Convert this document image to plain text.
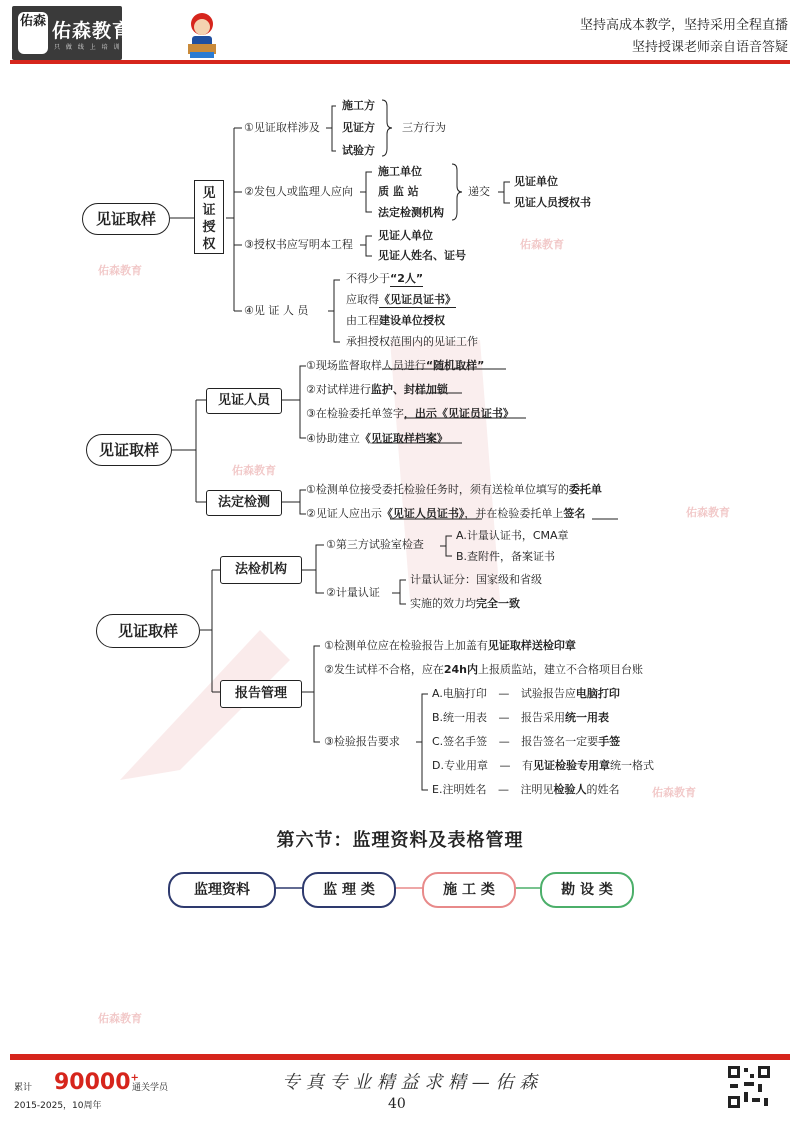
佑森 佑森教育
只 做 线 上 培 训
坚持高成本教学，坚持采用全程直播
坚持授课老师亲自语音答疑
佑森教育
佑森教育
佑森教育
佑森教育
佑森教育
佑森教育
见证取样
见证授权
①见证取样涉及
施工方
见证方
试验方
三方行为
②发包人或监理人应向
施工单位
质 监 站
法定检测机构
递交
见证单位
见证人员授权书
③授权书应写明本工程
见证人单位
见证人姓名、证号
④见 证 人 员
不得少于“2人”
应取得《见证员证书》
由工程建设单位授权
承担授权范围内的见证工作
见证取样
见证人员
①现场监督取样人员进行“随机取样”
②对试样进行监护、封样加锁
③在检验委托单签字，出示《见证员证书》
④协助建立《见证取样档案》
法定检测
①检测单位接受委托检验任务时，须有送检单位填写的委托单
②见证人应出示《见证人员证书》，并在检验委托单上签名
见证取样
法检机构
①第三方试验室检查
A.计量认证书，CMA章
B.查附件，备案证书
②计量认证
计量认证分：国家级和省级
实施的效力均完全一致
报告管理
①检测单位应在检验报告上加盖有见证取样送检印章
②发生试样不合格，应在24h内上报质监站，建立不合格项目台账
③检验报告要求
A.电脑打印 — 试验报告应电脑打印
B.统一用表 — 报告采用统一用表
C.签名手签 — 报告签名一定要手签
D.专业用章 — 有见证检验专用章统一格式
E.注明姓名 — 注明见检验人的姓名
第六节：监理资料及表格管理
监理资料	监 理 类	施 工 类	勘 设 类
累计 90000+
通关学员
2015-2025，10周年
专 真 专 业 精 益 求 精 — 佑 森
40
